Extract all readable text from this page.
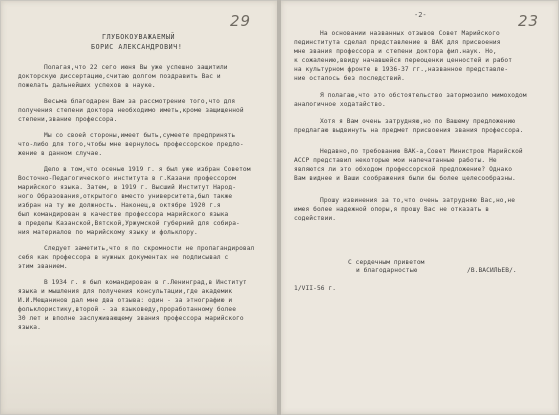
29
ГЛУБОКОУВАЖАЕМЫЙ
БОРИС АЛЕКСАНДРОВИЧ!
Полагая,что 22 сего июня Вы уже успешно защитили
докторскую диссертацию,считаю долгом поздравить Вас и
пожелать дальнейших успехов в науке.
Весьма благодарен Вам за рассмотрение того,что для
получения степени доктора необходимо иметь,кроме защищенной
степени,звание профессора.
Мы со своей стороны,имеет быть,сумеете предпринять
что-либо для того,чтобы мне вернулось профессорское предло-
жение в данном случае.
Дело в том,что осенью 1919 г. я был уже избран Советом
Восточно-Педагогического института в г.Казани профессором
марийского языка. Затем, в 1919 г. Высший Институт Народ-
ного Образования,открытого вместо университета,был также
избран на ту же должность. Наконец,в октябре 1920 г.я
был командирован в качестве профессора марийского языка
в пределы Казанской,Вятской,Уржумской губерний для собира-
ния материалов по марийскому языку и фольклору.
Следует заметить,что я по скромности не пропагандировал
себя как профессора в нужных документах не подписывал с
этим званием.
В 1934 г. я был командирован в г.Ленинград,в Институт
языка и мышления для получения консультации,где академик
И.И.Мещанинов дал мне два отзыва: один - за этнографию и
фольклористику,второй - за языковеду,проработанному более
30 лет и вполне заслуживающему звания профессора марийского
языка.
23
-2-
На основании названных отзывов Совет Марийского
пединститута сделал представление в ВАК для присвоения
мне звания профессора и степени доктора фил.наук. Но,
к сожалению,ввиду начавшейся переоценки ценностей и работ
на культурном фронте в 1936-37 гг.,названное представле-
ние осталось без последствий.
Я полагаю,что это обстоятельство затормозило мимоходом
аналогичное ходатайство.
Хотя я Вам очень затрудняю,но по Вашему предложению
предлагаю выдвинуть на предмет присвоения звания профессора.
Недавно,по требованию ВАК-а,Совет Министров Марийской
АССР представил некоторые мои напечатанные работы. Не
являются ли это обходом профессорской предложение? Однако
Вам виднее и Ваши соображения были бы более целесообразны.
Прошу извинения за то,что очень затрудняю Вас,но,не
имея более надежной опоры,я прошу Вас не отказать в
содействии.
С сердечным приветом
и благодарностью	/В.ВАСИЛЬЕВ/.
1/VII-56 г.
